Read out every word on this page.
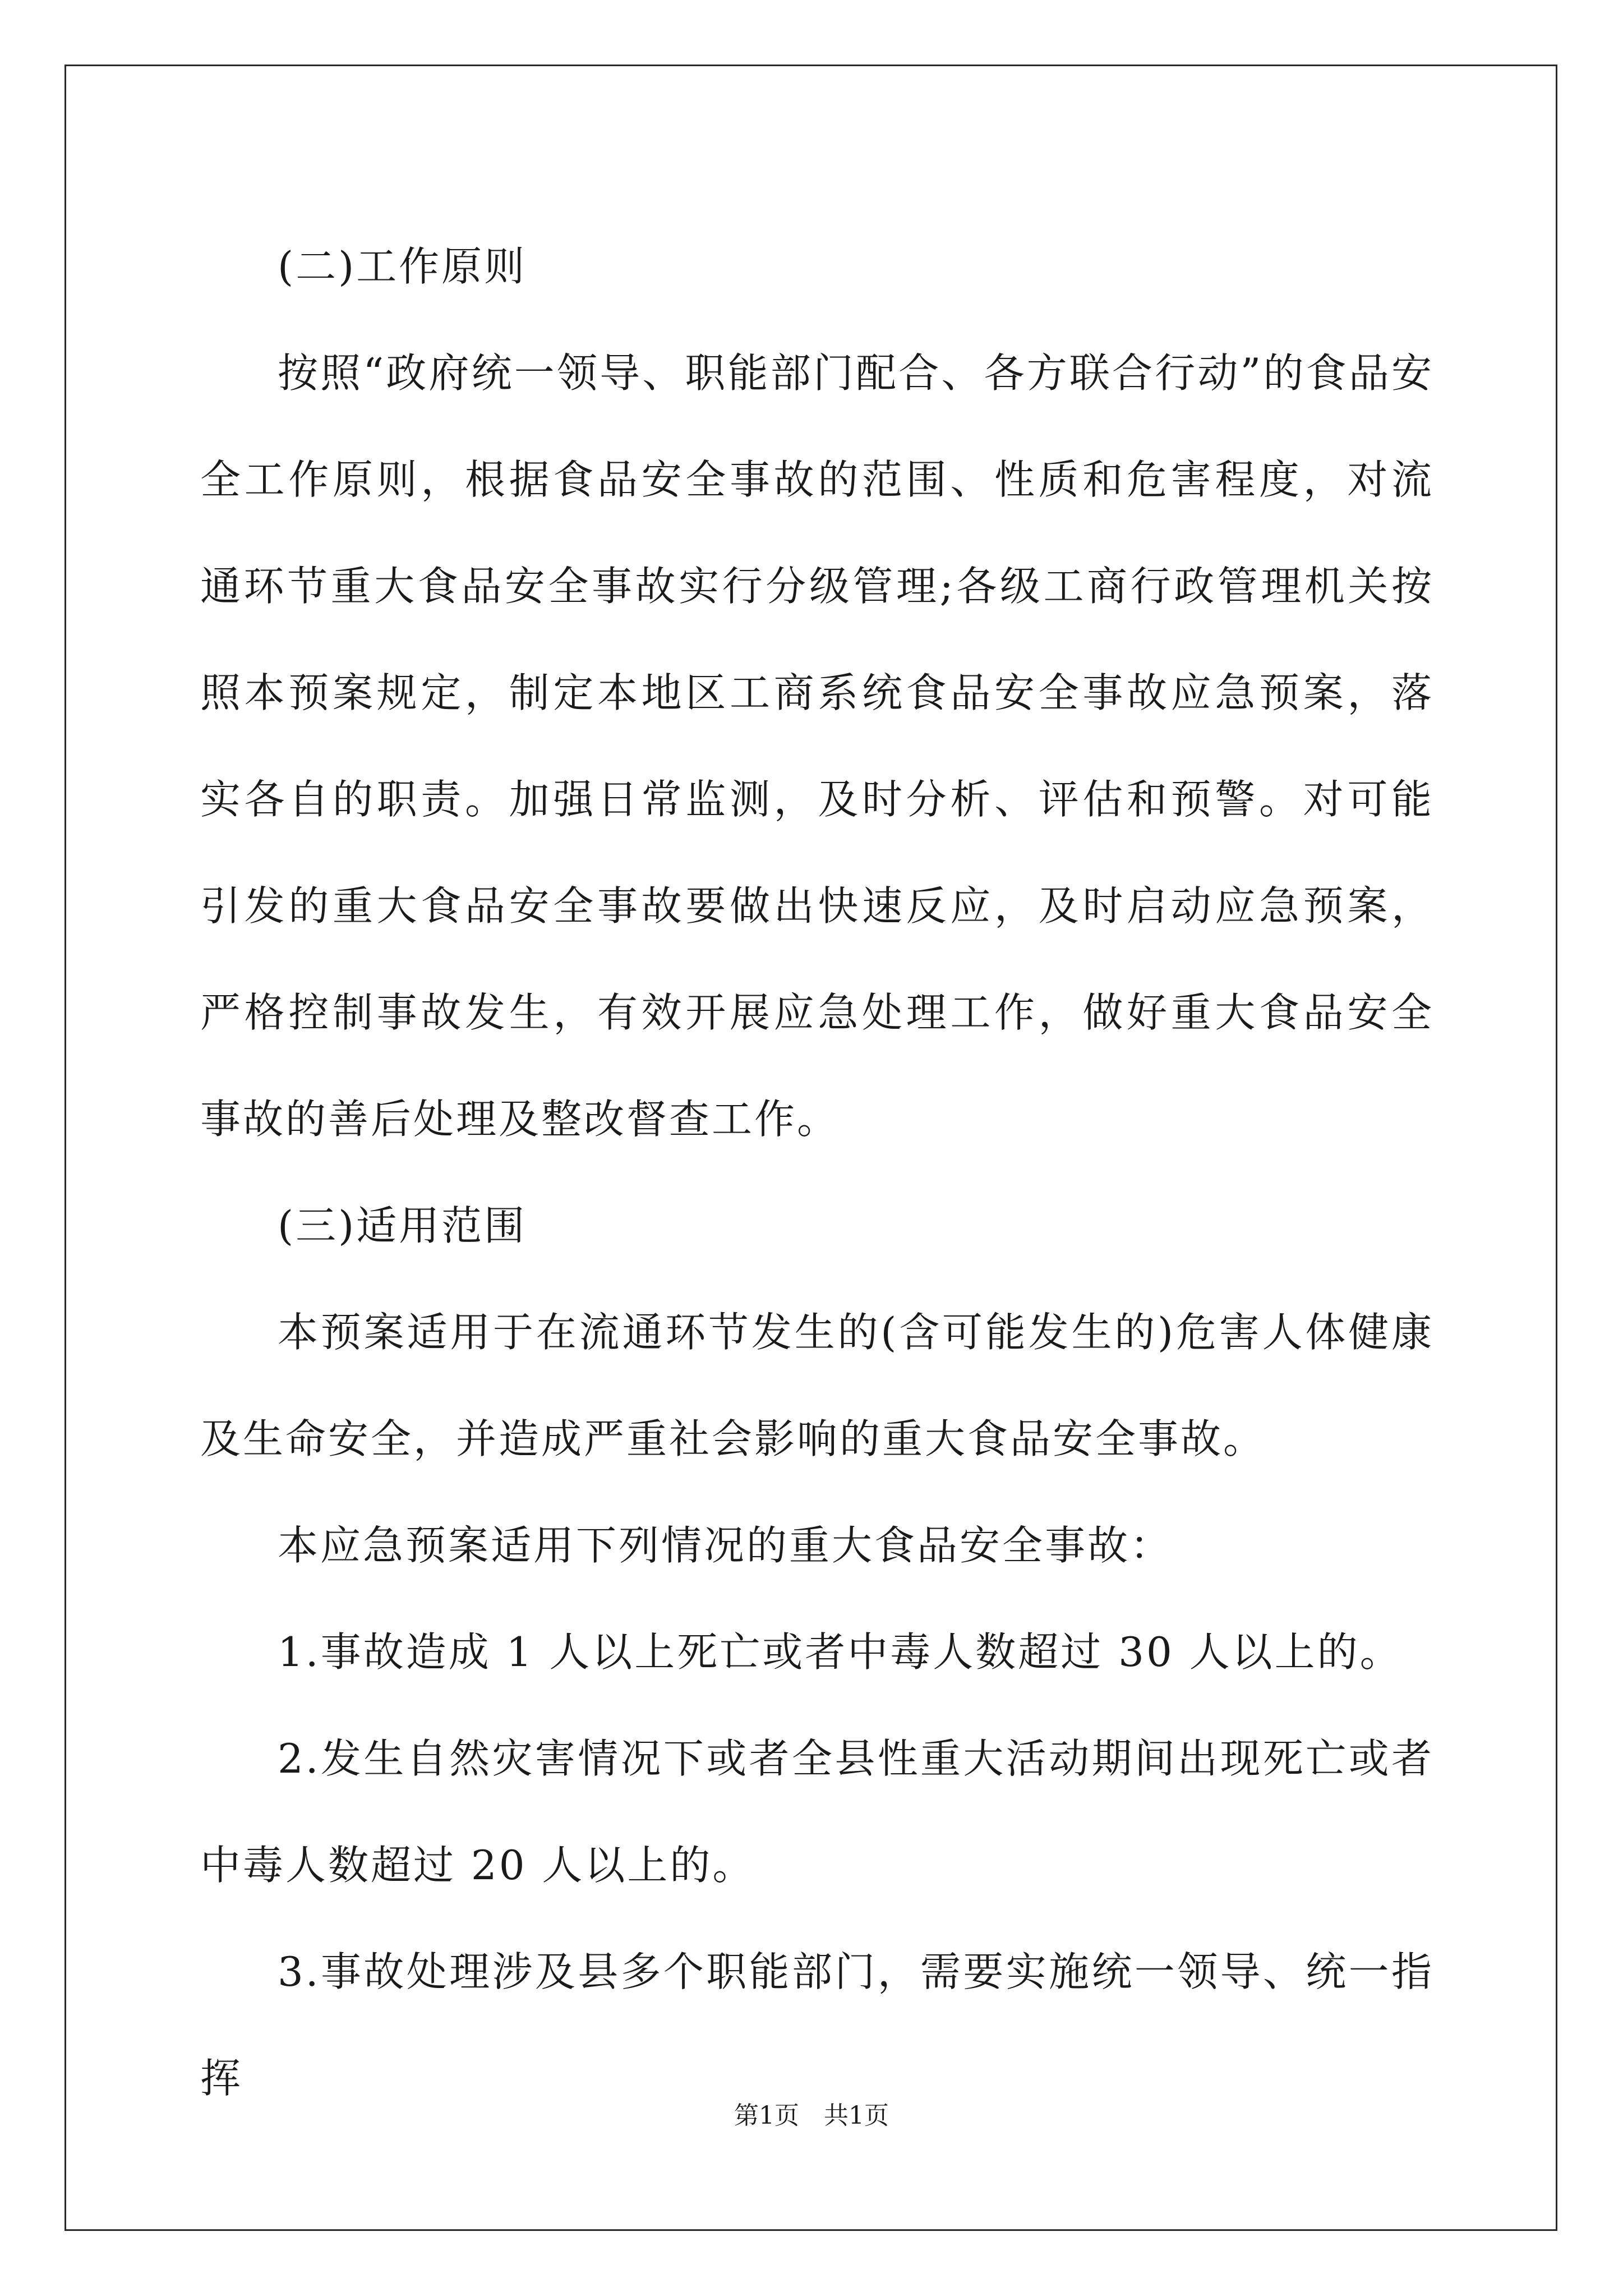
(二)工作原则

按照“政府统一领导、职能部门配合、各方联合行动”的食品安全工作原则，根据食品安全事故的范围、性质和危害程度，对流通环节重大食品安全事故实行分级管理;各级工商行政管理机关按照本预案规定，制定本地区工商系统食品安全事故应急预案，落实各自的职责。加强日常监测，及时分析、评估和预警。对可能引发的重大食品安全事故要做出快速反应，及时启动应急预案，严格控制事故发生，有效开展应急处理工作，做好重大食品安全事故的善后处理及整改督查工作。

(三)适用范围

本预案适用于在流通环节发生的(含可能发生的)危害人体健康及生命安全，并造成严重社会影响的重大食品安全事故。

本应急预案适用下列情况的重大食品安全事故：

1.事故造成 1 人以上死亡或者中毒人数超过 30 人以上的。

2.发生自然灾害情况下或者全县性重大活动期间出现死亡或者中毒人数超过 20 人以上的。

3.事故处理涉及县多个职能部门，需要实施统一领导、统一指挥

第1页　共1页
